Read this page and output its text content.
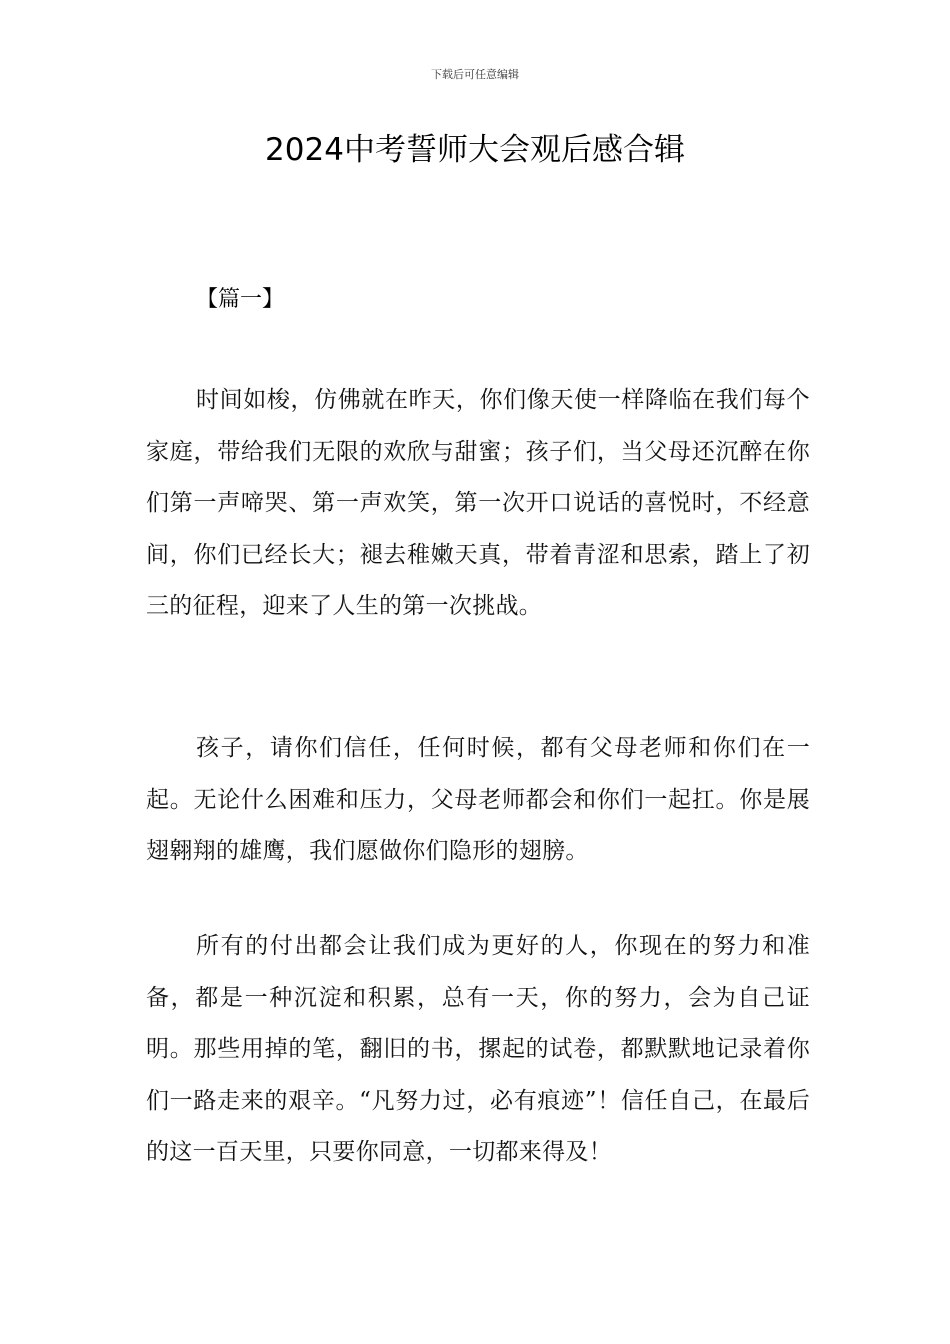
下载后可任意编辑
2024中考誓师大会观后感合辑
【篇一】

时间如梭，仿佛就在昨天，你们像天使一样降临在我们每个家庭，带给我们无限的欢欣与甜蜜；孩子们，当父母还沉醉在你们第一声啼哭、第一声欢笑，第一次开口说话的喜悦时，不经意间，你们已经长大；褪去稚嫩天真，带着青涩和思索，踏上了初三的征程，迎来了人生的第一次挑战。

孩子，请你们信任，任何时候，都有父母老师和你们在一起。无论什么困难和压力，父母老师都会和你们一起扛。你是展翅翱翔的雄鹰，我们愿做你们隐形的翅膀。

所有的付出都会让我们成为更好的人，你现在的努力和准备，都是一种沉淀和积累，总有一天，你的努力，会为自己证明。那些用掉的笔，翻旧的书，摞起的试卷，都默默地记录着你们一路走来的艰辛。“凡努力过，必有痕迹”！信任自己，在最后的这一百天里，只要你同意，一切都来得及！
